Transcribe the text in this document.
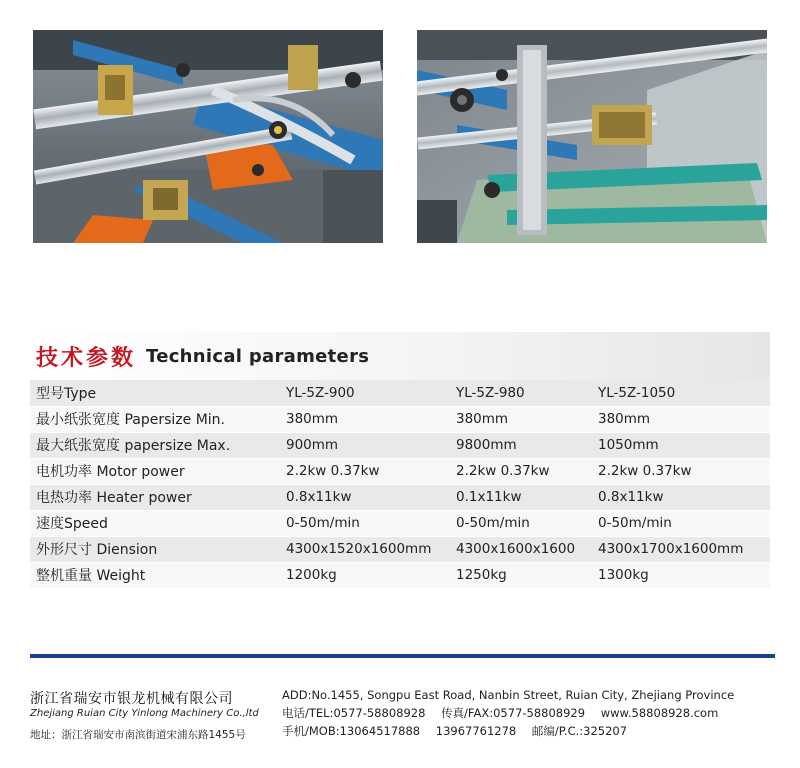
技术参数 Technical parameters
型号Type	YL-5Z-900	YL-5Z-980	YL-5Z-1050
最小纸张宽度 Papersize Min.	380mm	380mm	380mm
最大纸张宽度 papersize Max.	900mm	9800mm	1050mm
电机功率 Motor power	2.2kw 0.37kw	2.2kw 0.37kw	2.2kw 0.37kw
电热功率 Heater power	0.8x11kw	0.1x11kw	0.8x11kw
速度Speed	0-50m/min	0-50m/min	0-50m/min
外形尺寸 Diension	4300x1520x1600mm	4300x1600x1600	4300x1700x1600mm
整机重量 Weight	1200kg	1250kg	1300kg
浙江省瑞安市银龙机械有限公司
Zhejiang Ruian City Yinlong Machinery Co.,ltd
地址：浙江省瑞安市南滨街道宋浦东路1455号
ADD:No.1455, Songpu East Road, Nanbin Street, Ruian City, Zhejiang Province
电话/TEL:0577-58808928 传真/FAX:0577-58808929 www.58808928.com
手机/MOB:13064517888 13967761278 邮编/P.C.:325207
